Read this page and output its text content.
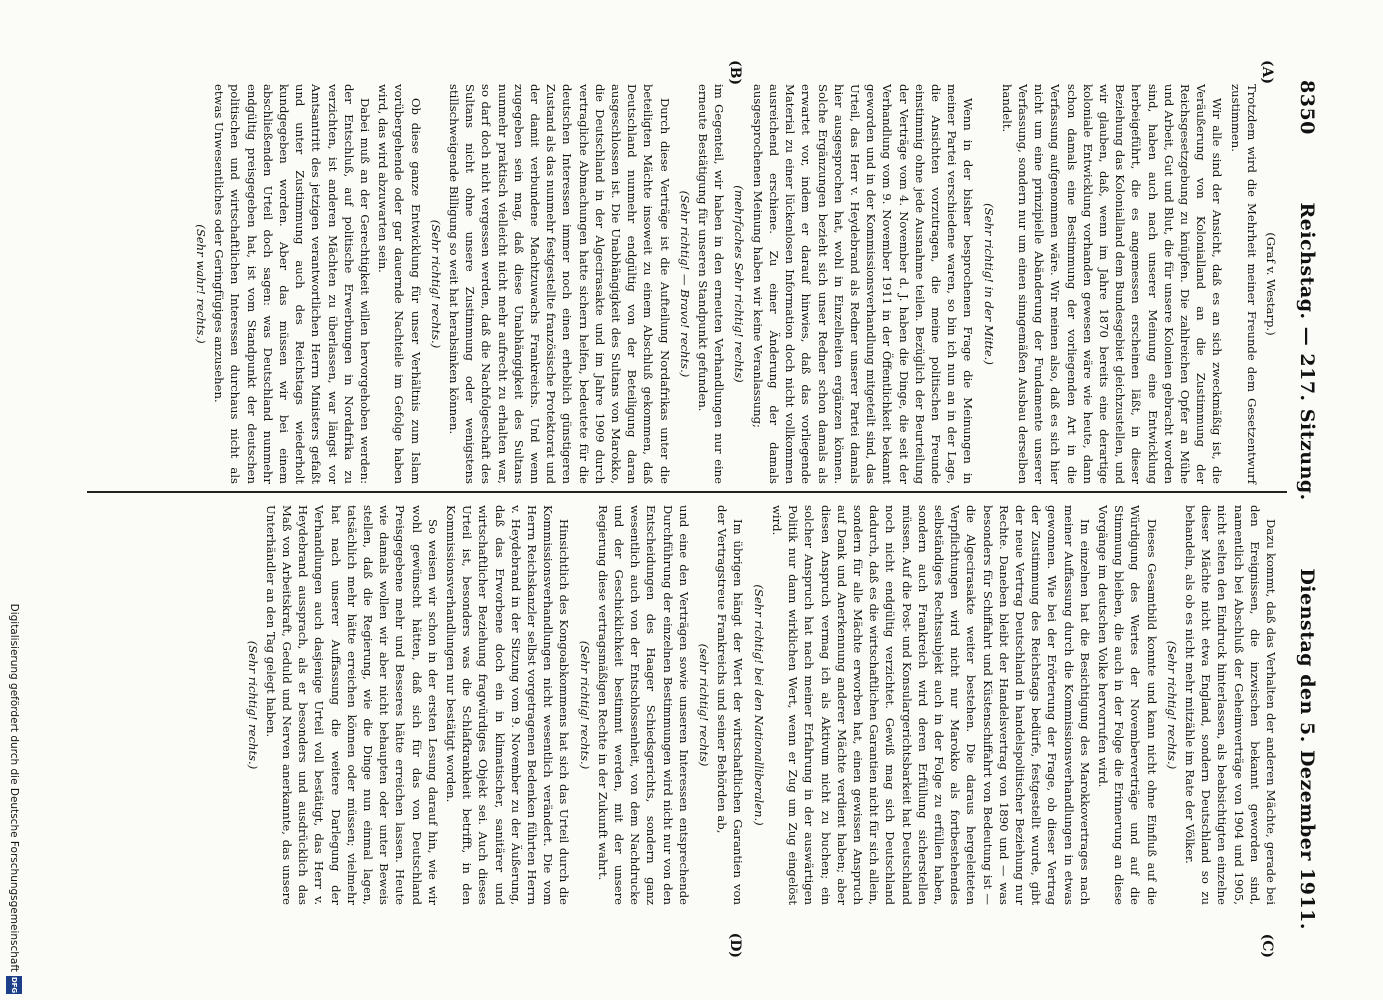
8350
Reichstag. — 217. Sitzung.
Dienstag den 5. Dezember 1911.
(A)
(B)
(C)
(D)

(Graf v. Westarp.)

Trotzdem wird die Mehrheit meiner Freunde dem Gesetzentwurf zustimmen.

Wir alle sind der Ansicht, daß es an sich zweckmäßig ist, die Veräußerung von Kolonialland an die Zustimmung der Reichsgesetzgebung zu knüpfen. Die zahlreichen Opfer an Mühe und Arbeit, Gut und Blut, die für unsere Kolonien gebracht worden sind, haben auch nach unserer Meinung eine Entwicklung herbeigeführt, die es angemessen erscheinen läßt, in dieser Beziehung das Kolonialland dem Bundesgebiet gleichzustellen, und wir glauben, daß, wenn im Jahre 1870 bereits eine derartige koloniale Entwicklung vorhanden gewesen wäre wie heute, dann schon damals eine Bestimmung der vorliegenden Art in die Verfassung aufgenommen wäre. Wir meinen also, daß es sich hier nicht um eine prinzipielle Abänderung der Fundamente unserer Verfassung, sondern nur um einen sinngemäßen Ausbau derselben handelt.

(Sehr richtig! in der Mitte.)

Wenn in der bisher besprochenen Frage die Meinungen in meiner Partei verschiedene waren, so bin ich nun an in der Lage, die Ansichten vorzutragen, die meine politischen Freunde einstimmig ohne jede Ausnahme teilen. Bezüglich der Beurteilung der Verträge vom 4. November d. J. haben die Dinge, die seit der Verhandlung vom 9. November 1911 in der Öffentlichkeit bekannt geworden und in der Kommissionsverhandlung mitgeteilt sind, das Urteil, das Herr v. Heydebrand als Redner unserer Partei damals hier ausgesprochen hat, wohl in Einzelheiten ergänzen können. Solche Ergänzungen bezieht sich unser Redner schon damals als erwartet vor, indem er darauf hinwies, daß das vorliegende Material zu einer lückenlosen Information doch nicht vollkommen ausreichend erschiene. Zu einer Änderung der damals ausgesprochenen Meinung haben wir keine Veranlassung;

(mehrfaches Sehr richtig! rechts)

im Gegenteil, wir haben in den erneuten Verhandlungen nur eine erneute Bestätigung für unseren Standpunkt gefunden.

(Sehr richtig! — Bravo! rechts.)

Durch diese Verträge ist die Aufteilung Nordafrikas unter die beteiligten Mächte insoweit zu einem Abschluß gekommen, daß Deutschland nunmehr endgültig von der Beteiligung daran ausgeschlossen ist. Die Unabhängigkeit des Sultans von Marokko, die Deutschland in der Algecirasakte und im Jahre 1909 durch vertragliche Abmachungen hatte sichern helfen, bedeutete für die deutschen Interessen immer noch einen erheblich günstigeren Zustand als das nunmehr festgestellte französische Protektorat und der damit verbundene Machtzuwachs Frankreichs. Und wenn zugegeben sein mag, daß diese Unabhängigkeit des Sultans nunmehr praktisch vielleicht nicht mehr aufrecht zu erhalten war, so darf doch nicht vergessen werden, daß die Nachfolgeschaft des Sultans nicht ohne unsere Zustimmung oder wenigstens stillschweigende Billigung so weit hat herabsinken können.

(Sehr richtig! rechts.)

Ob diese ganze Entwicklung für unser Verhältnis zum Islam vorübergehende oder gar dauernde Nachteile im Gefolge haben wird, das wird abzuwarten sein.

Dabei muß an der Gerechtigkeit willen hervorgehoben werden: der Entschluß, auf politische Erwerbungen in Nordafrika zu verzichten, ist anderen Mächten zu überlassen, war längst vor Amtsantritt des jetzigen verantwortlichen Herrn Ministers gefaßt und unter Zustimmung auch des Reichstags wiederholt kundgegeben worden. Aber das müssen wir bei einem abschließenden Urteil doch sagen: was Deutschland nunmehr endgültig preisgegeben hat, ist vom Standpunkt der deutschen politischen und wirtschaftlichen Interessen durchaus nicht als etwas Unwesentliches oder Geringfügiges anzusehen.

(Sehr wahr! rechts.)

Dazu kommt, daß das Verhalten der anderen Mächte, gerade bei den Ereignissen, die inzwischen bekannt geworden sind, namentlich bei Abschluß der Geheimverträge von 1904 und 1905, nicht selten den Eindruck hinterlassen, als beabsichtigten einzelne dieser Mächte nicht etwa England, sondern Deutschland so zu behandeln, als ob es nicht mehr mitzähle im Rate der Völker.

(Sehr richtig! rechts.)

Dieses Gesamtbild konnte und kann nicht ohne Einfluß auf die Würdigung des Wertes der Novemberverträge und auf die Stimmung bleiben, die auch in der Folge die Erinnerung an diese Vorgänge im deutschen Volke hervorrufen wird.

Im einzelnen hat die Besichtigung des Marokkovertrages nach meiner Auffassung durch die Kommissionsverhandlungen in etwas gewonnen. Wie bei der Erörterung der Frage, ob dieser Vertrag der Zustimmung des Reichstags bedürfe, festgestellt wurde, gibt der neue Vertrag Deutschland in handelspolitischer Beziehung nur Rechte. Daneben bleibt der Handelsvertrag von 1890 und — was besonders für Schiffahrt und Küstenschiffahrt von Bedeutung ist — die Algecirasakte weiter bestehen. Die daraus hergeleiteten Verpflichtungen wird nicht nur Marokko als fortbestehendes selbständiges Rechtssubjekt auch in der Folge zu erfüllen haben, sondern auch Frankreich wird deren Erfüllung sicherstellen müssen. Auf die Post- und Konsulargerichtsbarkeit hat Deutschland noch nicht endgültig verzichtet. Gewiß mag sich Deutschland dadurch, daß es die wirtschaftlichen Garantien nicht für sich allein, sondern für alle Mächte erworben hat, einen gewissen Anspruch auf Dank und Anerkennung anderer Mächte verdient haben; aber diesen Anspruch vermag ich als Aktivum nicht zu buchen; ein solcher Anspruch hat nach meiner Erfahrung in der auswärtigen Politik nur dann wirklichen Wert, wenn er Zug um Zug eingelöst wird.

(Sehr richtig! bei den Nationalliberalen.)

Im übrigen hängt der Wert der wirtschaftlichen Garantien von der Vertragstreue Frankreichs und seiner Behörden ab,

(sehr richtig! rechts)

und eine den Verträgen sowie unseren Interessen entsprechende Durchführung der einzelnen Bestimmungen wird nicht nur von den Entscheidungen des Haager Schiedsgerichts, sondern ganz wesentlich auch von der Entschlossenheit, von dem Nachdrucke und der Geschicklichkeit bestimmt werden, mit der unsere Regierung diese vertragsmäßigen Rechte in der Zukunft wahrt.

(Sehr richtig! rechts.)

Hinsichtlich des Kongoabkommens hat sich das Urteil durch die Kommissionsverhandlungen nicht wesentlich verändert. Die vom Herrn Reichskanzler selbst vorgetragenen Bedenken führten Herrn v. Heydebrand in der Sitzung vom 9. November zu der Äußerung, daß das Erworbene doch ein in klimatischer, sanitärer und wirtschaftlicher Beziehung fragwürdiges Objekt sei. Auch dieses Urteil ist, besonders was die Schlafkrankheit betrifft, in den Kommissionsverhandlungen nur bestätigt worden.

So weisen wir schon in der ersten Lesung darauf hin, wie wir wohl gewünscht hätten, daß sich für das von Deutschland Preisgegebene mehr und Besseres hätte erreichen lassen. Heute wie damals wollen wir aber nicht behaupten oder unter Beweis stellen, daß die Regierung, wie die Dinge nun einmal lagen, tatsächlich mehr hätte erreichen können oder müssen; vielmehr hat nach unserer Auffassung die weitere Darlegung der Verhandlungen auch dasjenige Urteil voll bestätigt, das Herr v. Heydebrand aussprach, als er besonders und ausdrücklich das Maß von Arbeitskraft, Geduld und Nerven anerkannte, das unsere Unterhändler an den Tag gelegt haben.

(Sehr richtig! rechts.)

Digitalisierung gefördert durch die Deutsche Forschungsgemeinschaft
DFG
